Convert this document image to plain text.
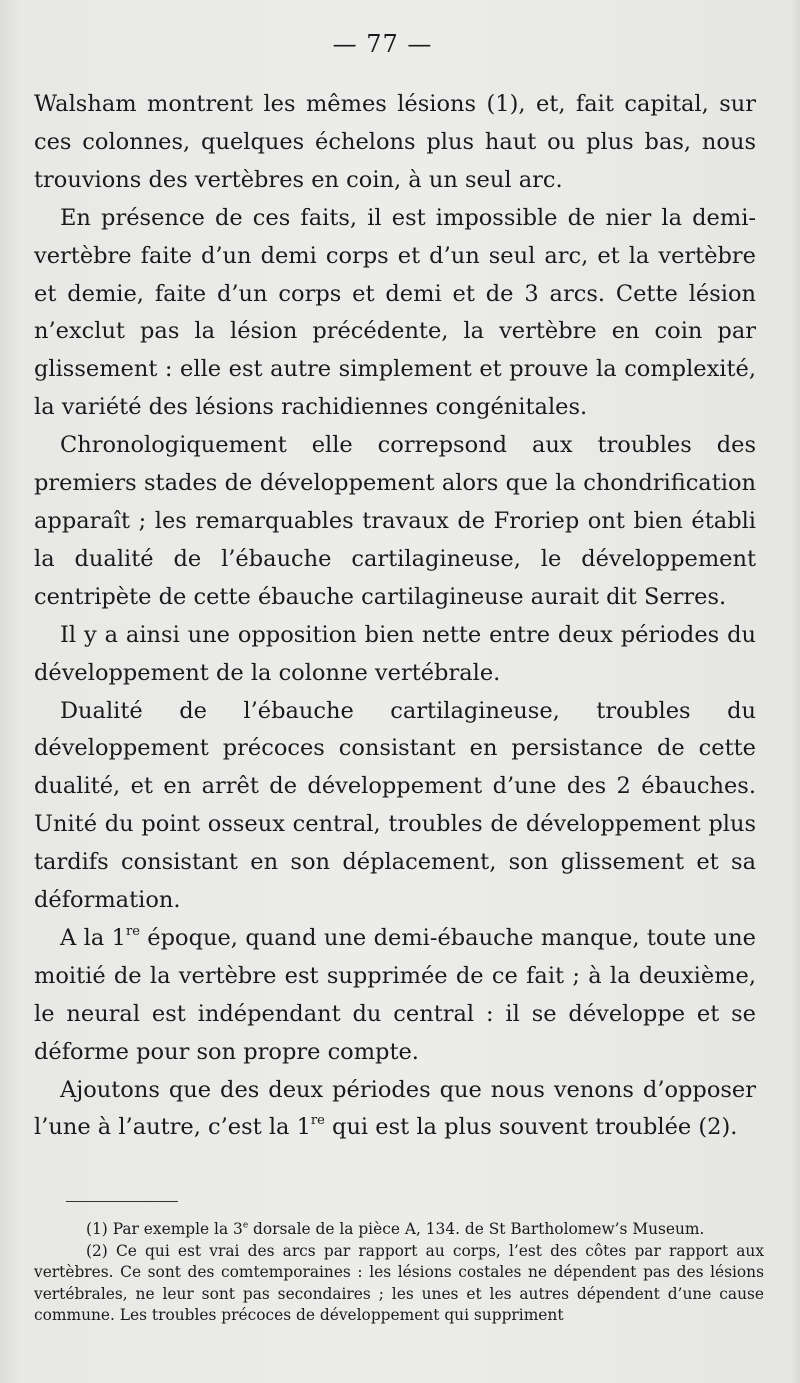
— 77 —

Walsham montrent les mêmes lésions (1), et, fait capital, sur ces colonnes, quelques échelons plus haut ou plus bas, nous trouvions des vertèbres en coin, à un seul arc.

En présence de ces faits, il est impossible de nier la demi-vertèbre faite d’un demi corps et d’un seul arc, et la vertèbre et demie, faite d’un corps et demi et de 3 arcs. Cette lésion n’exclut pas la lésion précédente, la vertèbre en coin par glissement : elle est autre simplement et prouve la complexité, la variété des lésions rachidiennes congénitales.

Chronologiquement elle correpsond aux troubles des premiers stades de développement alors que la chondrification apparaît ; les remarquables travaux de Froriep ont bien établi la dualité de l’ébauche cartilagineuse, le développement centripète de cette ébauche cartilagineuse aurait dit Serres.

Il y a ainsi une opposition bien nette entre deux périodes du développement de la colonne vertébrale.

Dualité de l’ébauche cartilagineuse, troubles du développement précoces consistant en persistance de cette dualité, et en arrêt de développement d’une des 2 ébauches. Unité du point osseux central, troubles de développement plus tardifs consistant en son déplacement, son glissement et sa déformation.

A la 1re époque, quand une demi-ébauche manque, toute une moitié de la vertèbre est supprimée de ce fait ; à la deuxième, le neural est indépendant du central : il se développe et se déforme pour son propre compte.

Ajoutons que des deux périodes que nous venons d’opposer l’une à l’autre, c’est la 1re qui est la plus souvent troublée (2).

(1) Par exemple la 3e dorsale de la pièce A, 134. de St Bartholomew’s Museum.

(2) Ce qui est vrai des arcs par rapport au corps, l’est des côtes par rapport aux vertèbres. Ce sont des comtemporaines : les lésions costales ne dépendent pas des lésions vertébrales, ne leur sont pas secondaires ; les unes et les autres dépendent d’une cause commune. Les troubles précoces de développement qui suppriment
